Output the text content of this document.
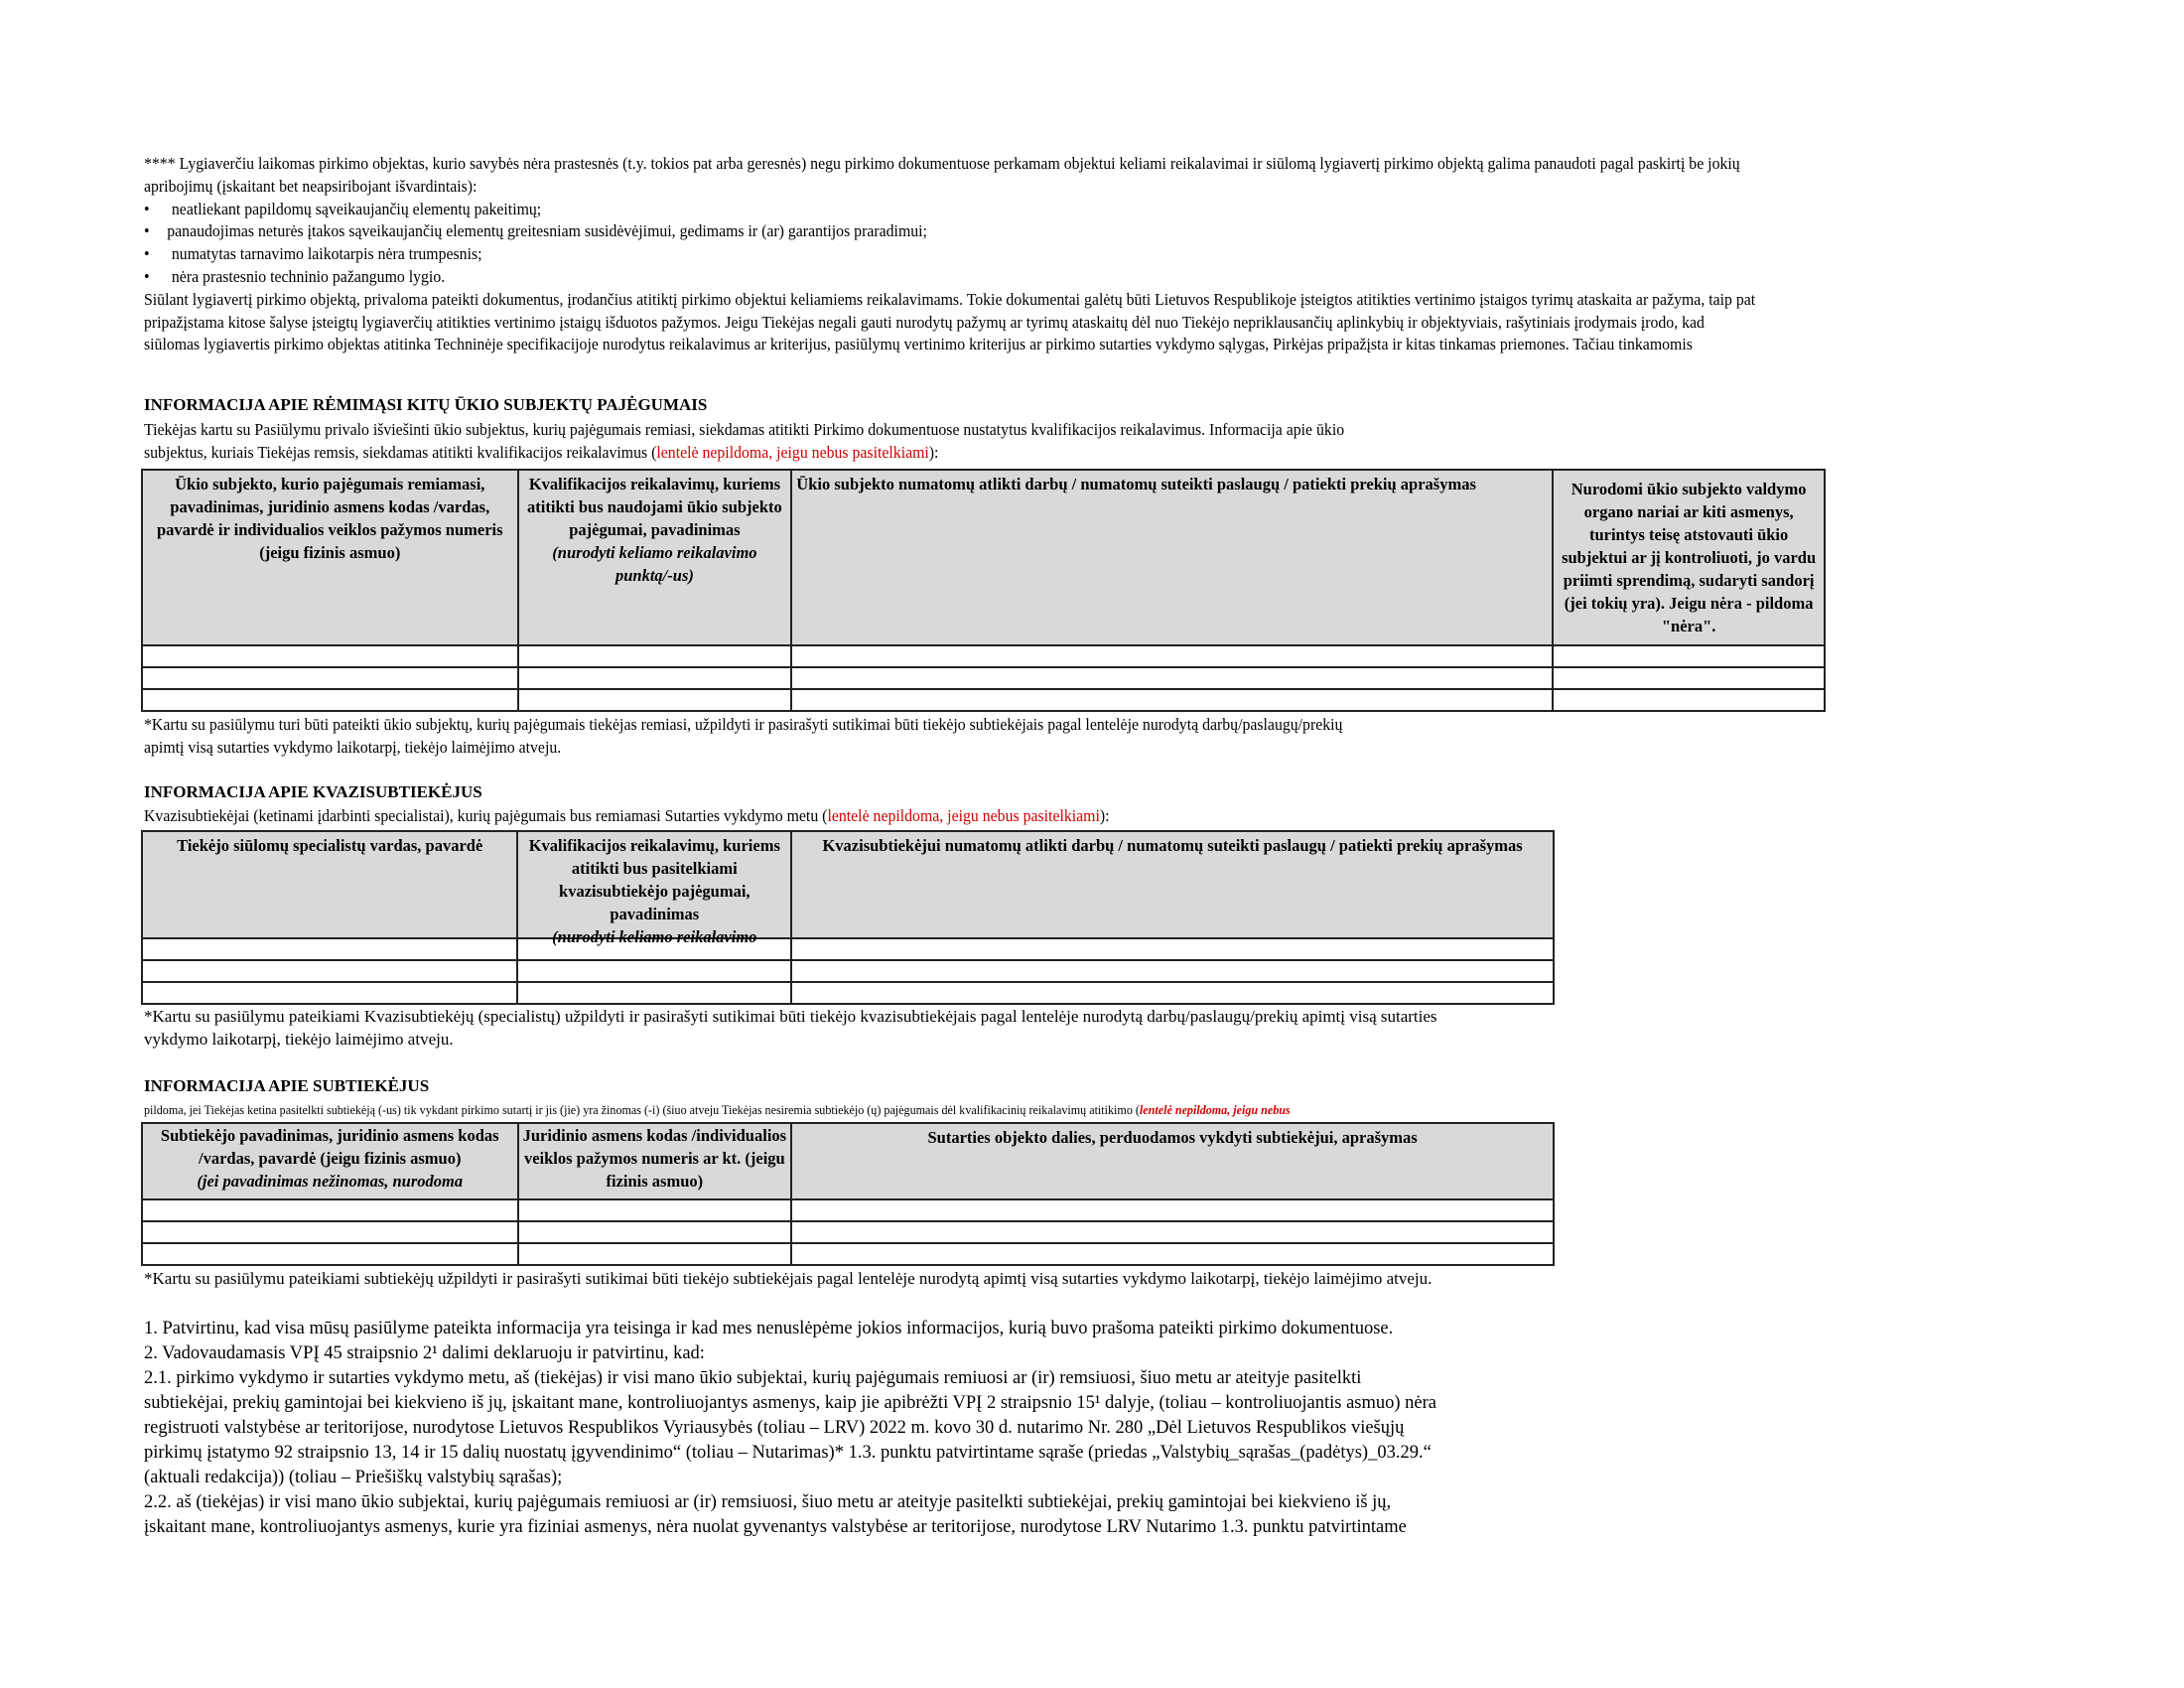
**** Lygiaverčiu laikomas pirkimo objektas, kurio savybės nėra prastesnės (t.y. tokios pat arba geresnės) negu pirkimo dokumentuose perkamam objektui keliami reikalavimai ir siūlomą lygiavertį pirkimo objektą galima panaudoti pagal paskirtį be jokių
apribojimų (įskaitant bet neapsiribojant išvardintais):
• neatliekant papildomų sąveikaujančių elementų pakeitimų;
• panaudojimas neturės įtakos sąveikaujančių elementų greitesniam susidėvėjimui, gedimams ir (ar) garantijos praradimui;
• numatytas tarnavimo laikotarpis nėra trumpesnis;
• nėra prastesnio techninio pažangumo lygio.
Siūlant lygiavertį pirkimo objektą, privaloma pateikti dokumentus, įrodančius atitiktį pirkimo objektui keliamiems reikalavimams. Tokie dokumentai galėtų būti Lietuvos Respublikoje įsteigtos atitikties vertinimo įstaigos tyrimų ataskaita ar pažyma, taip pat
pripažįstama kitose šalyse įsteigtų lygiaverčių atitikties vertinimo įstaigų išduotos pažymos. Jeigu Tiekėjas negali gauti nurodytų pažymų ar tyrimų ataskaitų dėl nuo Tiekėjo nepriklausančių aplinkybių ir objektyviais, rašytiniais įrodymais įrodo, kad
siūlomas lygiavertis pirkimo objektas atitinka Techninėje specifikacijoje nurodytus reikalavimus ar kriterijus, pasiūlymų vertinimo kriterijus ar pirkimo sutarties vykdymo sąlygas, Pirkėjas pripažįsta ir kitas tinkamas priemones. Tačiau tinkamomis
INFORMACIJA APIE RĖMIMĄSI KITŲ ŪKIO SUBJEKTŲ PAJĖGUMAIS
Tiekėjas kartu su Pasiūlymu privalo išviešinti ūkio subjektus, kurių pajėgumais remiasi, siekdamas atitikti Pirkimo dokumentuose nustatytus kvalifikacijos reikalavimus. Informacija apie ūkio
subjektus, kuriais Tiekėjas remsis, siekdamas atitikti kvalifikacijos reikalavimus (lentelė nepildoma, jeigu nebus pasitelkiami):
Ūkio subjekto, kurio pajėgumais remiamasi, pavadinimas, juridinio asmens kodas /vardas, pavardė ir individualios veiklos pažymos numeris (jeigu fizinis asmuo)	Kvalifikacijos reikalavimų, kuriems atitikti bus naudojami ūkio subjekto pajėgumai, pavadinimas
(nurodyti keliamo reikalavimo punktą/-us)	Ūkio subjekto numatomų atlikti darbų / numatomų suteikti paslaugų / patiekti prekių aprašymas	Nurodomi ūkio subjekto valdymo organo nariai ar kiti asmenys, turintys teisę atstovauti ūkio subjektui ar jį kontroliuoti, jo vardu priimti sprendimą, sudaryti sandorį (jei tokių yra). Jeigu nėra - pildoma "nėra".

*Kartu su pasiūlymu turi būti pateikti ūkio subjektų, kurių pajėgumais tiekėjas remiasi, užpildyti ir pasirašyti sutikimai būti tiekėjo subtiekėjais pagal lentelėje nurodytą darbų/paslaugų/prekių
apimtį visą sutarties vykdymo laikotarpį, tiekėjo laimėjimo atveju.
INFORMACIJA APIE KVAZISUBTIEKĖJUS
Kvazisubtiekėjai (ketinami įdarbinti specialistai), kurių pajėgumais bus remiamasi Sutarties vykdymo metu (lentelė nepildoma, jeigu nebus pasitelkiami):
Tiekėjo siūlomų specialistų vardas, pavardė	Kvalifikacijos reikalavimų, kuriems atitikti bus pasitelkiami kvazisubtiekėjo pajėgumai, pavadinimas
(nurodyti keliamo reikalavimo	Kvazisubtiekėjui numatomų atlikti darbų / numatomų suteikti paslaugų / patiekti prekių aprašymas

*Kartu su pasiūlymu pateikiami Kvazisubtiekėjų (specialistų) užpildyti ir pasirašyti sutikimai būti tiekėjo kvazisubtiekėjais pagal lentelėje nurodytą darbų/paslaugų/prekių apimtį visą sutarties
vykdymo laikotarpį, tiekėjo laimėjimo atveju.
INFORMACIJA APIE SUBTIEKĖJUS
pildoma, jei Tiekėjas ketina pasitelkti subtiekėją (-us) tik vykdant pirkimo sutartį ir jis (jie) yra žinomas (-i) (šiuo atveju Tiekėjas nesiremia subtiekėjo (ų) pajėgumais dėl kvalifikacinių reikalavimų atitikimo (lentelė nepildoma, jeigu nebus
Subtiekėjo pavadinimas, juridinio asmens kodas /vardas, pavardė (jeigu fizinis asmuo)
(jei pavadinimas nežinomas, nurodoma	Juridinio asmens kodas /individualios veiklos pažymos numeris ar kt. (jeigu fizinis asmuo)	Sutarties objekto dalies, perduodamos vykdyti subtiekėjui, aprašymas

*Kartu su pasiūlymu pateikiami subtiekėjų užpildyti ir pasirašyti sutikimai būti tiekėjo subtiekėjais pagal lentelėje nurodytą apimtį visą sutarties vykdymo laikotarpį, tiekėjo laimėjimo atveju.
1. Patvirtinu, kad visa mūsų pasiūlyme pateikta informacija yra teisinga ir kad mes nenuslėpėme jokios informacijos, kurią buvo prašoma pateikti pirkimo dokumentuose.
2. Vadovaudamasis VPĮ 45 straipsnio 2¹ dalimi deklaruoju ir patvirtinu, kad:
2.1. pirkimo vykdymo ir sutarties vykdymo metu, aš (tiekėjas) ir visi mano ūkio subjektai, kurių pajėgumais remiuosi ar (ir) remsiuosi, šiuo metu ar ateityje pasitelkti
subtiekėjai, prekių gamintojai bei kiekvieno iš jų, įskaitant mane, kontroliuojantys asmenys, kaip jie apibrėžti VPĮ 2 straipsnio 15¹ dalyje, (toliau – kontroliuojantis asmuo) nėra
registruoti valstybėse ar teritorijose, nurodytose Lietuvos Respublikos Vyriausybės (toliau – LRV) 2022 m. kovo 30 d. nutarimo Nr. 280 „Dėl Lietuvos Respublikos viešųjų
pirkimų įstatymo 92 straipsnio 13, 14 ir 15 dalių nuostatų įgyvendinimo“ (toliau – Nutarimas)* 1.3. punktu patvirtintame sąraše (priedas „Valstybių_sąrašas_(padėtys)_03.29.“
(aktuali redakcija)) (toliau – Priešiškų valstybių sąrašas);
2.2. aš (tiekėjas) ir visi mano ūkio subjektai, kurių pajėgumais remiuosi ar (ir) remsiuosi, šiuo metu ar ateityje pasitelkti subtiekėjai, prekių gamintojai bei kiekvieno iš jų,
įskaitant mane, kontroliuojantys asmenys, kurie yra fiziniai asmenys, nėra nuolat gyvenantys valstybėse ar teritorijose, nurodytose LRV Nutarimo 1.3. punktu patvirtintame
